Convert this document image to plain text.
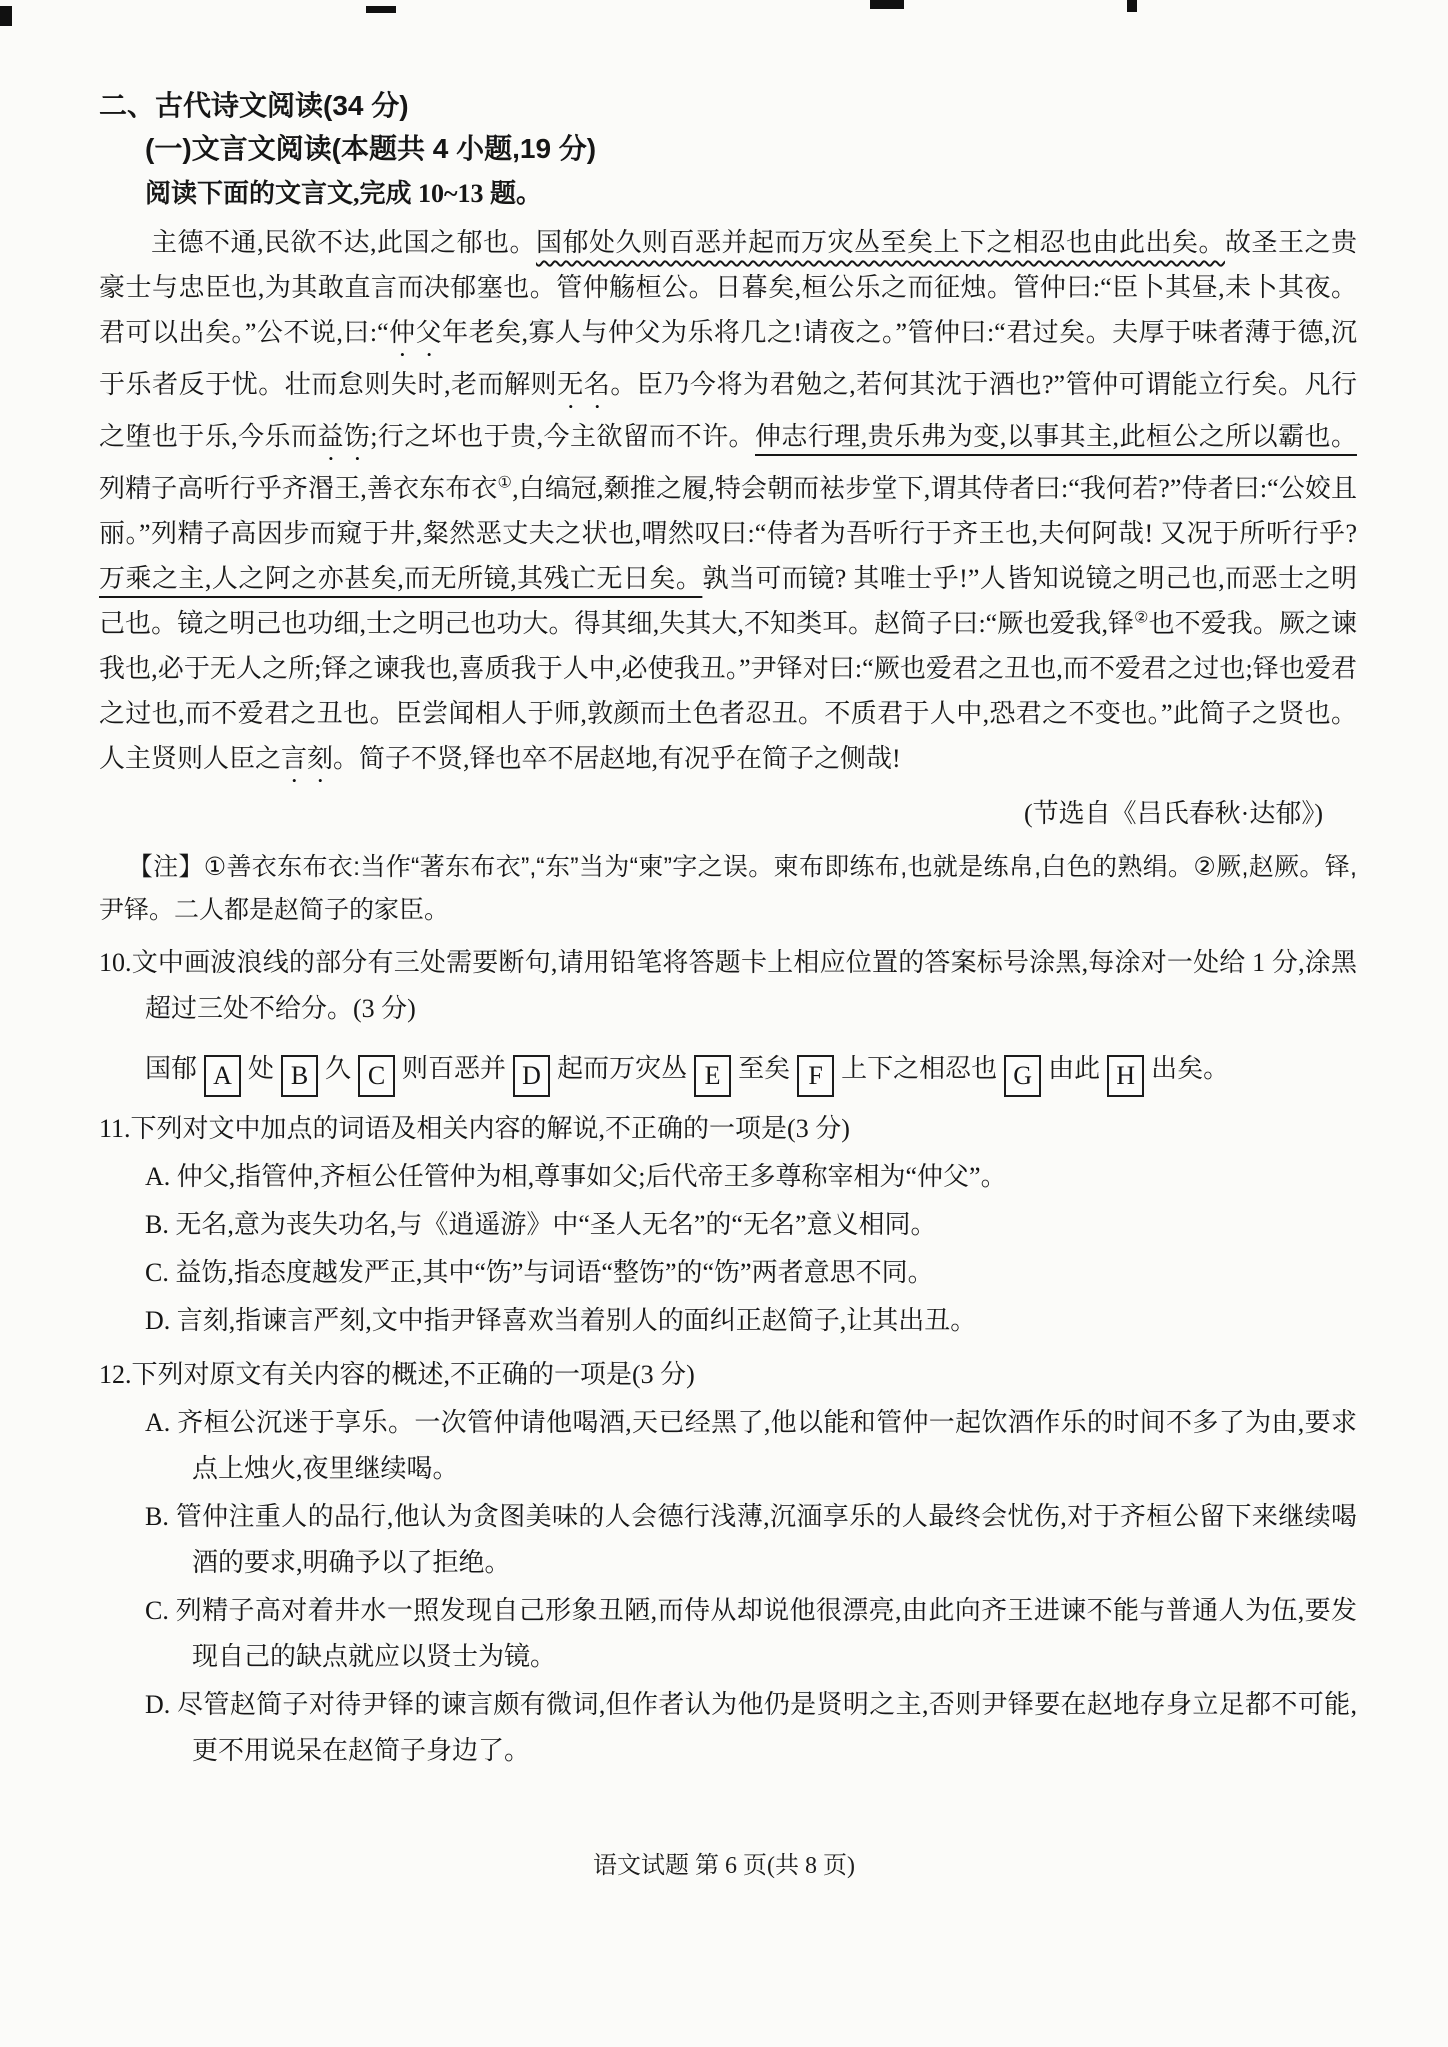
二、古代诗文阅读(34 分)

(一)文言文阅读(本题共 4 小题,19 分)

阅读下面的文言文,完成 10~13 题。

主德不通,民欲不达,此国之郁也。国郁处久则百恶并起而万灾丛至矣上下之相忍也由此出矣。故圣王之贵豪士与忠臣也,为其敢直言而决郁塞也。管仲觞桓公。日暮矣,桓公乐之而征烛。管仲曰:“臣卜其昼,未卜其夜。君可以出矣。”公不说,曰:“仲父年老矣,寡人与仲父为乐将几之!请夜之。”管仲曰:“君过矣。夫厚于味者薄于德,沉于乐者反于忧。壮而怠则失时,老而解则无名。臣乃今将为君勉之,若何其沈于酒也?”管仲可谓能立行矣。凡行之堕也于乐,今乐而益饬;行之坏也于贵,今主欲留而不许。伸志行理,贵乐弗为变,以事其主,此桓公之所以霸也。列精子高听行乎齐湣王,善衣东布衣①,白缟冠,颡推之履,特会朝而袪步堂下,谓其侍者曰:“我何若?”侍者曰:“公姣且丽。”列精子高因步而窥于井,粲然恶丈夫之状也,喟然叹曰:“侍者为吾听行于齐王也,夫何阿哉! 又况于所听行乎? 万乘之主,人之阿之亦甚矣,而无所镜,其残亡无日矣。孰当可而镜? 其唯士乎!”人皆知说镜之明己也,而恶士之明己也。镜之明己也功细,士之明己也功大。得其细,失其大,不知类耳。赵简子曰:“厥也爱我,铎②也不爱我。厥之谏我也,必于无人之所;铎之谏我也,喜质我于人中,必使我丑。”尹铎对曰:“厥也爱君之丑也,而不爱君之过也;铎也爱君之过也,而不爱君之丑也。臣尝闻相人于师,敦颜而土色者忍丑。不质君于人中,恐君之不变也。”此简子之贤也。人主贤则人臣之言刻。简子不贤,铎也卒不居赵地,有况乎在简子之侧哉!

(节选自《吕氏春秋·达郁》)

【注】①善衣东布衣:当作“著东布衣”,“东”当为“柬”字之误。柬布即练布,也就是练帛,白色的熟绢。②厥,赵厥。铎,尹铎。二人都是赵简子的家臣。

10.文中画波浪线的部分有三处需要断句,请用铅笔将答题卡上相应位置的答案标号涂黑,每涂对一处给 1 分,涂黑超过三处不给分。(3 分)

国郁 A 处 B 久 C 则百恶并 D 起而万灾丛 E 至矣 F 上下之相忍也 G 由此 H 出矣。

11.下列对文中加点的词语及相关内容的解说,不正确的一项是(3 分)

A. 仲父,指管仲,齐桓公任管仲为相,尊事如父;后代帝王多尊称宰相为“仲父”。
B. 无名,意为丧失功名,与《逍遥游》中“圣人无名”的“无名”意义相同。
C. 益饬,指态度越发严正,其中“饬”与词语“整饬”的“饬”两者意思不同。
D. 言刻,指谏言严刻,文中指尹铎喜欢当着别人的面纠正赵简子,让其出丑。

12.下列对原文有关内容的概述,不正确的一项是(3 分)

A. 齐桓公沉迷于享乐。一次管仲请他喝酒,天已经黑了,他以能和管仲一起饮酒作乐的时间不多了为由,要求点上烛火,夜里继续喝。
B. 管仲注重人的品行,他认为贪图美味的人会德行浅薄,沉湎享乐的人最终会忧伤,对于齐桓公留下来继续喝酒的要求,明确予以了拒绝。
C. 列精子高对着井水一照发现自己形象丑陋,而侍从却说他很漂亮,由此向齐王进谏不能与普通人为伍,要发现自己的缺点就应以贤士为镜。
D. 尽管赵简子对待尹铎的谏言颇有微词,但作者认为他仍是贤明之主,否则尹铎要在赵地存身立足都不可能,更不用说呆在赵简子身边了。
语文试题 第 6 页(共 8 页)
